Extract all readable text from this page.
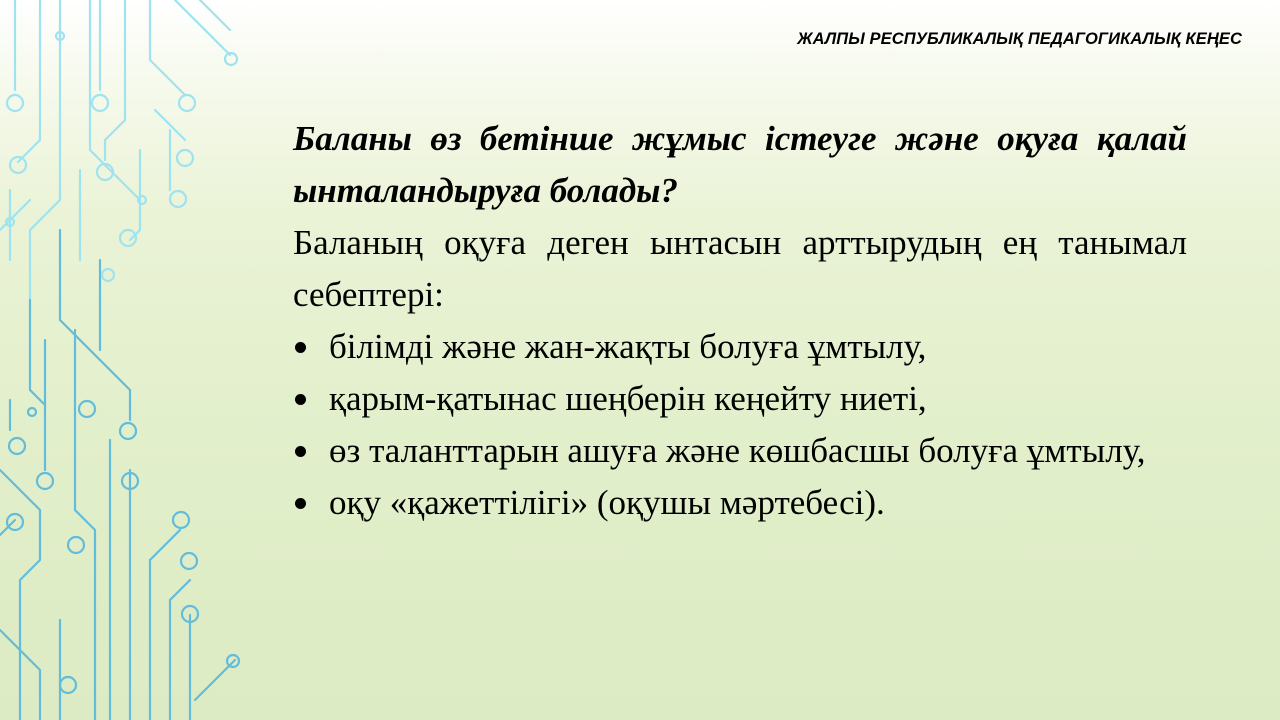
ЖАЛПЫ РЕСПУБЛИКАЛЫҚ ПЕДАГОГИКАЛЫҚ КЕҢЕС

Баланы өз бетінше жұмыс істеуге және оқуға қалай ынталандыруға болады?

Баланың оқуға деген ынтасын арттырудың ең танымал себептері:

білімді және жан-жақты болуға ұмтылу,
қарым-қатынас шеңберін кеңейту ниеті,
өз таланттарын ашуға және көшбасшы болуға ұмтылу,
оқу «қажеттілігі» (оқушы мәртебесі).
